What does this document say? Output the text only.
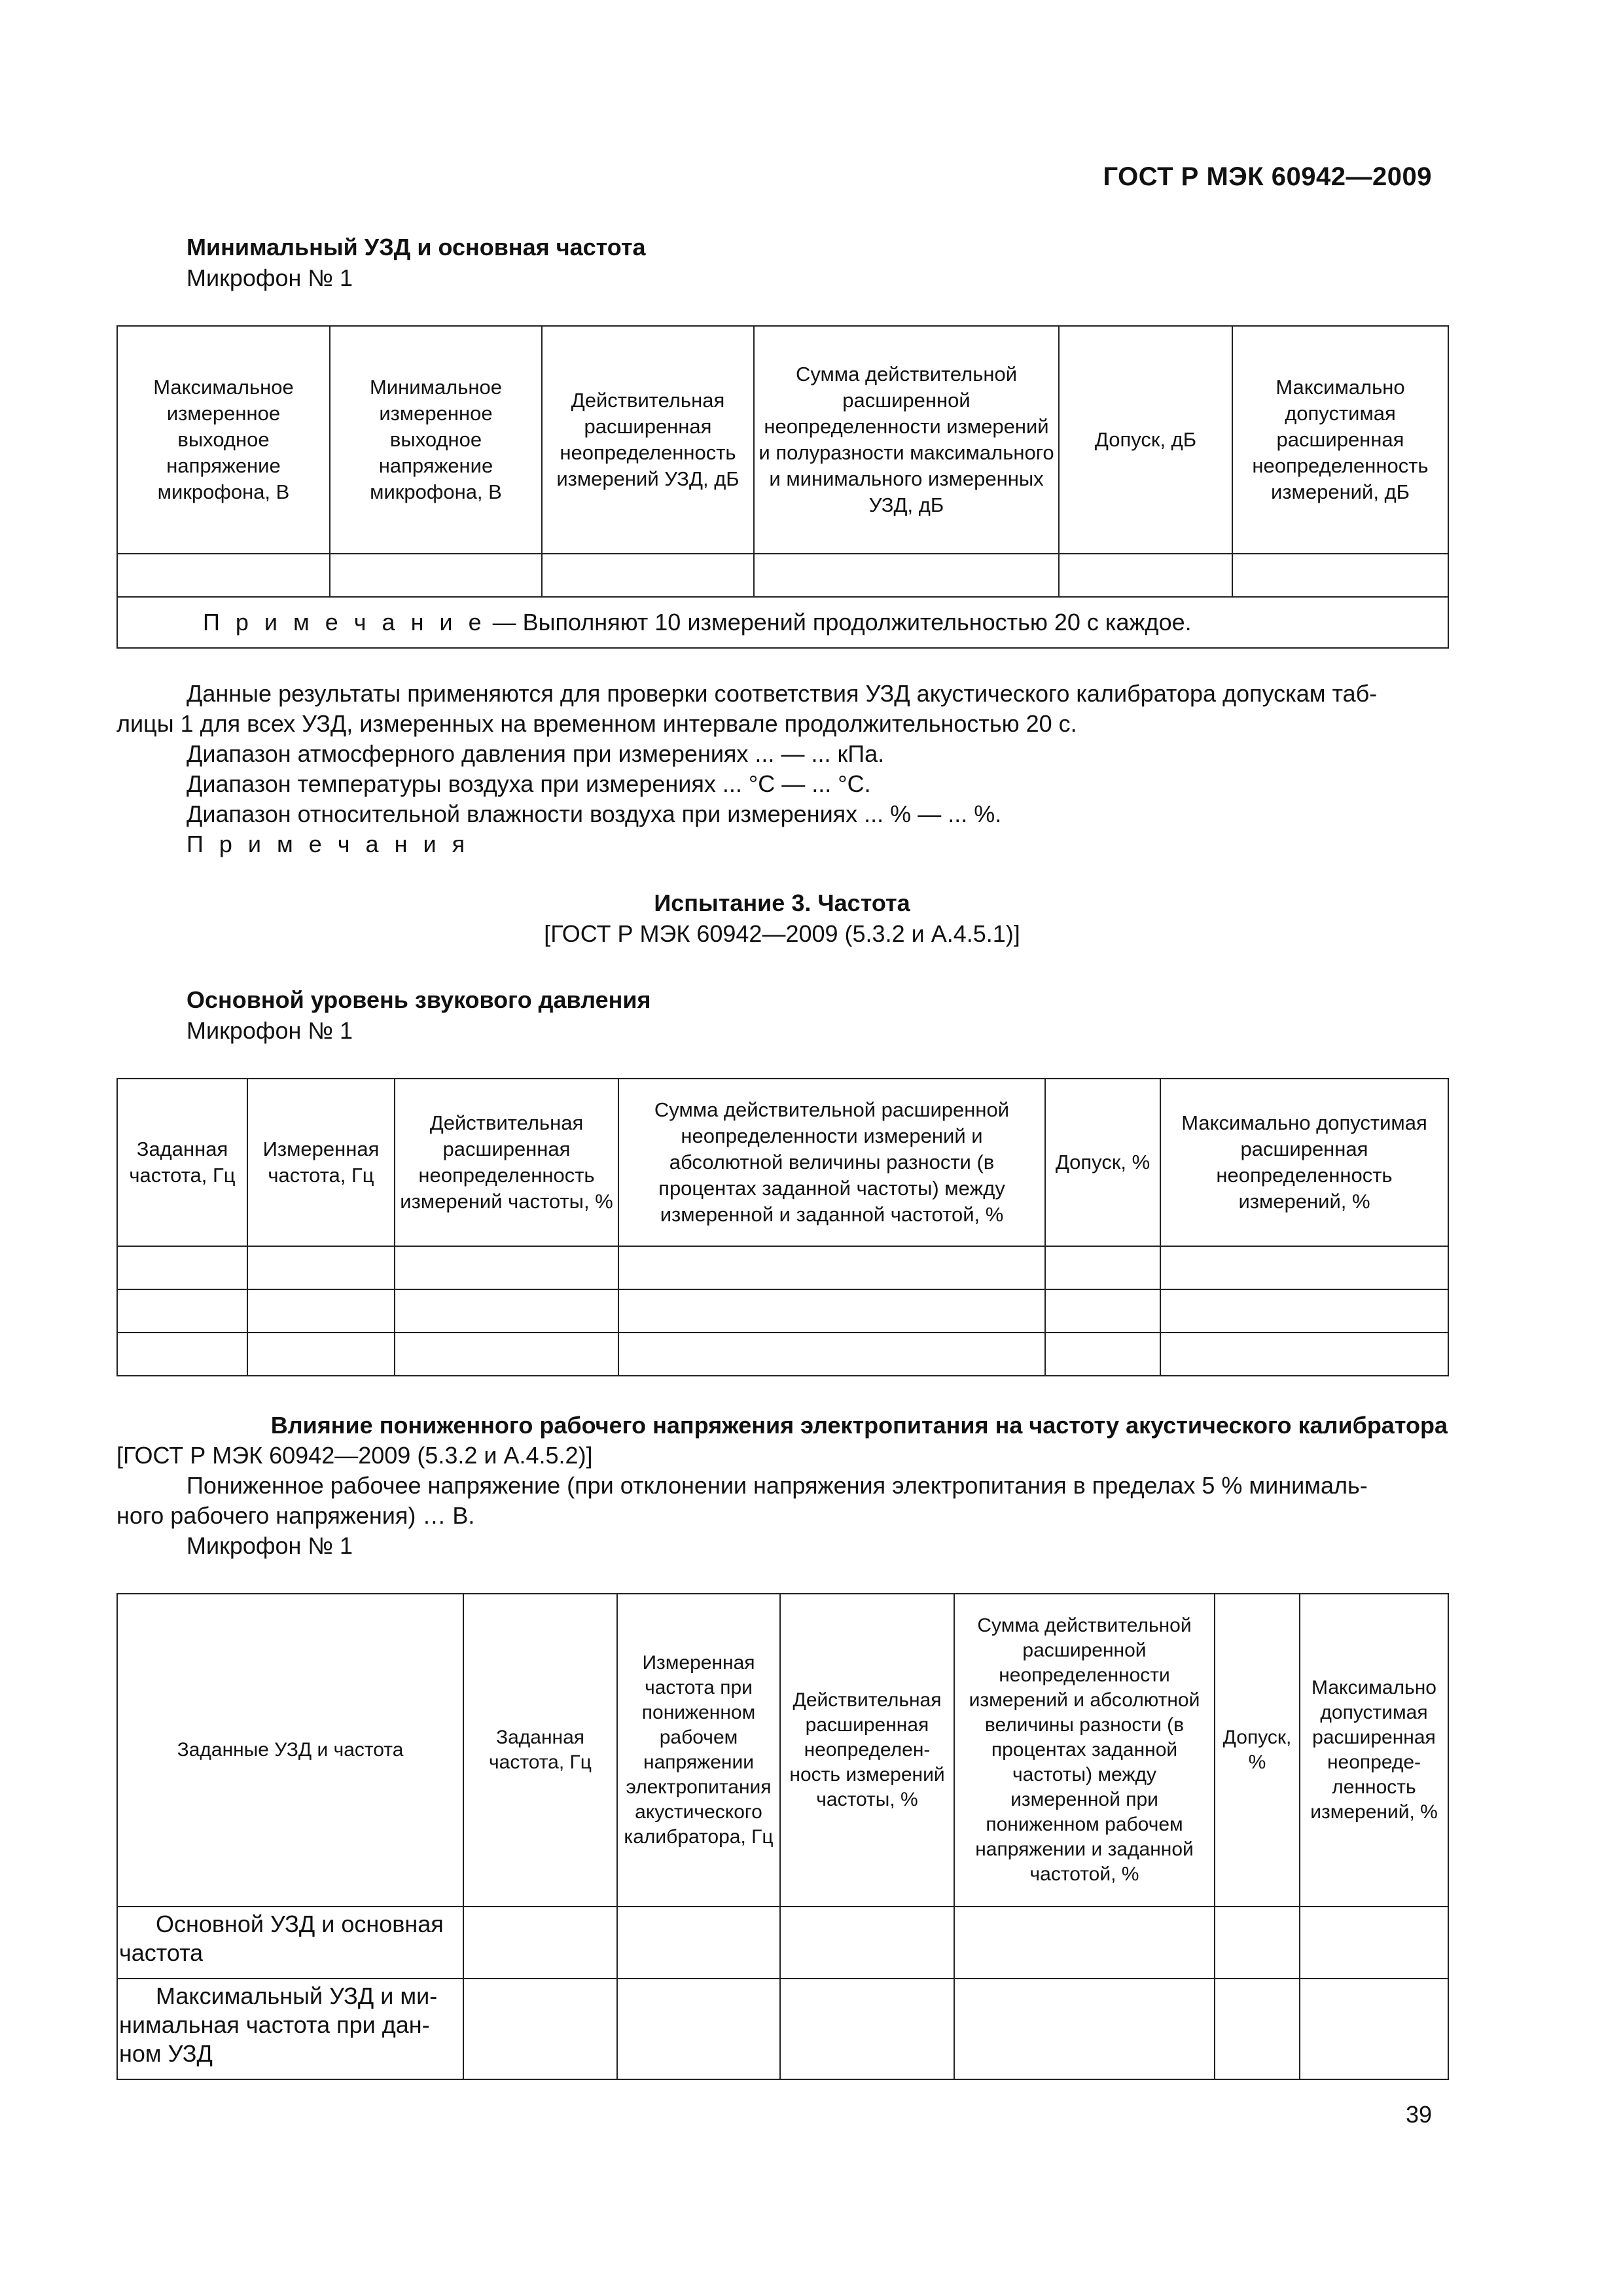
ГОСТ Р МЭК 60942—2009
Минимальный УЗД и основная частота
Микрофон № 1
Максимальное измеренное выходное напряжение микрофона, В	Минимальное измеренное выходное напряжение микрофона, В	Действительная расширенная неопределенность измерений УЗД, дБ	Сумма действительной расширенной неопределенности измерений и полуразности максимального и минимального измеренных УЗД, дБ	Допуск, дБ	Максимально допустимая расширенная неопределенность измерений, дБ

П р и м е ч а н и е — Выполняют 10 измерений продолжительностью 20 с каждое.					
Данные результаты применяются для проверки соответствия УЗД акустического калибратора допускам таб-
лицы 1 для всех УЗД, измеренных на временном интервале продолжительностью 20 с.
Диапазон атмосферного давления при измерениях ... — ... кПа.
Диапазон температуры воздуха при измерениях ... °С — ... °С.
Диапазон относительной влажности воздуха при измерениях ... % — ... %.
П р и м е ч а н и я
Испытание 3. Частота
[ГОСТ Р МЭК 60942—2009 (5.3.2 и А.4.5.1)]
Основной уровень звукового давления
Микрофон № 1
Заданная частота, Гц	Измеренная частота, Гц	Действительная расширенная неопределенность измерений частоты, %	Сумма действительной расширенной неопределенности измерений и абсолютной величины разности (в процентах заданной частоты) между измеренной и заданной частотой, %	Допуск, %	Максимально допустимая расширенная неопределенность измерений, %

Влияние пониженного рабочего напряжения электропитания на частоту акустического калибратора
[ГОСТ Р МЭК 60942—2009 (5.3.2 и А.4.5.2)]
Пониженное рабочее напряжение (при отклонении напряжения электропитания в пределах 5 % минималь-
ного рабочего напряжения) … В.
Микрофон № 1
Заданные УЗД и частота	Заданная частота, Гц	Измеренная частота при пониженном рабочем напряжении электропитания акустического калибратора, Гц	Действительная расширенная неопределен-ность измерений частоты, %	Сумма действительной расширенной неопределенности измерений и абсолютной величины разности (в процентах заданной частоты) между измеренной при пониженном рабочем напряжении и заданной частотой, %	Допуск, %	Максимально допустимая расширенная неопреде-ленность измерений, %
Основной УЗД и основная частота						
Максимальный УЗД и ми-нимальная частота при дан-ном УЗД						
39
